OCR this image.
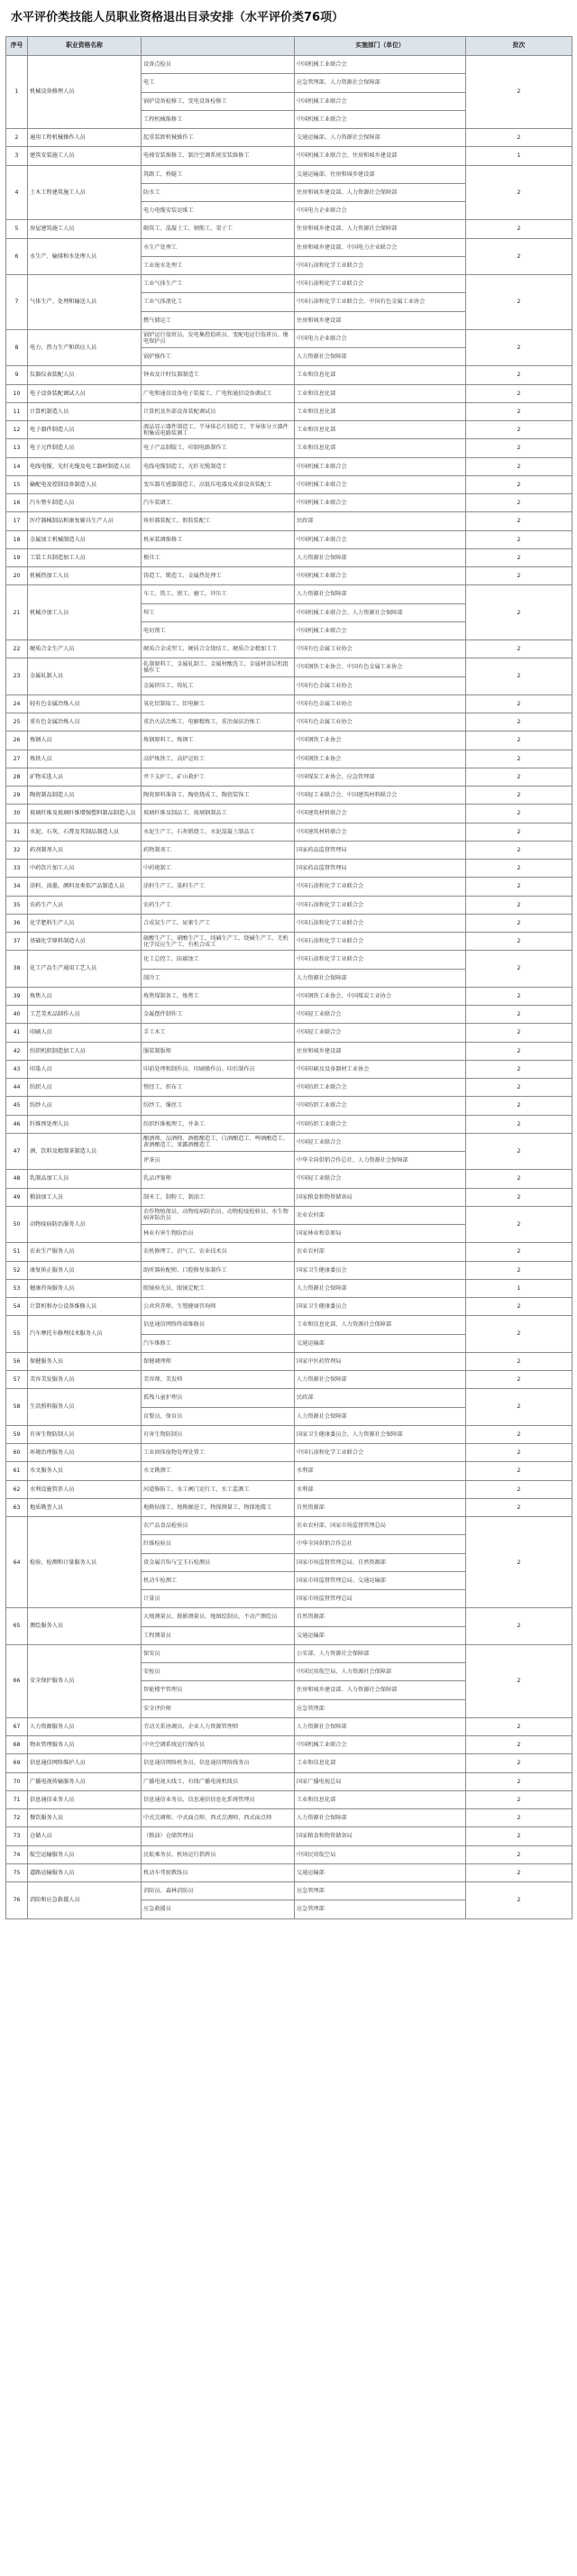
水平评价类技能人员职业资格退出目录安排（水平评价类76项）
序号	职业资格名称		实施部门（单位）	批次
1	机械设备修理人员	设备点检员	中国机械工业联合会	2
		电工	应急管理部、人力资源社会保障部	
		锅炉设备检修工、变电设备检修工	中国机械工业联合会	
		工程机械维修工	中国机械工业联合会	
2	通用工程机械操作人员	起重装卸机械操作工	交通运输部、人力资源社会保障部	2
3	建筑安装施工人员	电梯安装维修工、制冷空调系统安装维修工	中国机械工业联合会、住房和城乡建设部	1
4	土木工程建筑施工人员	筑路工、桥隧工	交通运输部、住房和城乡建设部	2
		防水工	住房和城乡建设部、人力资源社会保障部	
		电力电缆安装运维工	中国电力企业联合会	
5	房屋建筑施工人员	砌筑工、混凝土工、钢筋工、架子工	住房和城乡建设部、人力资源社会保障部	2
6	水生产、输排和水处理人员	水生产处理工	住房和城乡建设部、中国电力企业联合会	2
		工业废水处理工	中国石油和化学工业联合会	
7	气体生产、处理和输送人员	工业气体生产工	中国石油和化学工业联合会	2
		工业气体液化工	中国石油和化学工业联合会、中国有色金属工业协会	
		燃气储运工	住房和城乡建设部	
8	电力、热力生产和供应人员	锅炉运行值班员、发电集控值班员、变配电运行值班员、继电保护员	中国电力企业联合会	2
		锅炉操作工	人力资源社会保障部	
9	仪器仪表装配人员	钟表及计时仪器制造工	工业和信息化部	2
10	电子设备装配调试人员	广电和通信设备电子装接工、广电和通信设备调试工	工业和信息化部	2
11	计算机制造人员	计算机及外部设备装配调试员	工业和信息化部	2
12	电子器件制造人员	液晶显示器件制造工、半导体芯片制造工、半导体分立器件和集成电路装调工	工业和信息化部	2
13	电子元件制造人员	电子产品制版工、印制电路制作工	工业和信息化部	2
14	电线电缆、光纤光缆及电工器材制造人员	电线电缆制造工、光纤光缆制造工	中国机械工业联合会	2
15	输配电及控制设备制造人员	变压器互感器制造工、高低压电器及成套设备装配工	中国机械工业联合会	2
16	汽车整车制造人员	汽车装调工	中国机械工业联合会	2
17	医疗器械制品和康复辅具生产人员	矫形器装配工、假肢装配工	民政部	2
18	金属加工机械制造人员	机床装调维修工	中国机械工业联合会	2
19	工装工具制造加工人员	模具工	人力资源社会保障部	2
20	机械热加工人员	铸造工、锻造工、金属热处理工	中国机械工业联合会	2
21	机械冷加工人员	车工、铣工、钳工、磨工、冲压工	人力资源社会保障部	2
		焊工	中国机械工业联合会、人力资源社会保障部	
		电切削工	中国机械工业联合会	
22	硬质合金生产人员	硬质合金成型工、硬质合金烧结工、硬质合金精加工工	中国有色金属工业协会	2
23	金属轧制人员	轧制原料工、金属轧制工、金属材酸洗工、金属材涂层机组操作工	中国钢铁工业协会、中国有色金属工业协会	2
		金属挤压工、铸轧工	中国有色金属工业协会	
24	轻有色金属冶炼人员	氧化铝制取工、铝电解工	中国有色金属工业协会	2
25	重有色金属冶炼人员	重冶火法冶炼工、电解精炼工、重冶湿法冶炼工	中国有色金属工业协会	2
26	炼钢人员	炼钢原料工、炼钢工	中国钢铁工业协会	2
27	炼铁人员	高炉炼铁工、高炉运转工	中国钢铁工业协会	2
28	矿物采选人员	井下支护工、矿山救护工	中国煤炭工业协会、应急管理部	2
29	陶瓷制品制造人员	陶瓷原料准备工、陶瓷烧成工、陶瓷装饰工	中国轻工业联合会、中国建筑材料联合会	2
30	玻璃纤维及玻璃纤维增强塑料制品制造人员	玻璃纤维及制品工、玻璃钢制品工	中国建筑材料联合会	2
31	水泥、石灰、石膏及其制品制造人员	水泥生产工、石灰煅烧工、水泥混凝土制品工	中国建筑材料联合会	2
32	药剂制剂人员	药物制剂工	国家药品监督管理局	2
33	中药饮片加工人员	中药炮制工	国家药品监督管理局	2
34	涂料、油墨、颜料及类似产品制造人员	涂料生产工、染料生产工	中国石油和化学工业联合会	2
35	农药生产人员	农药生产工	中国石油和化学工业联合会	2
36	化学肥料生产人员	合成氨生产工、尿素生产工	中国石油和化学工业联合会	2
37	基础化学原料制造人员	硫酸生产工、硝酸生产工、纯碱生产工、烧碱生产工、无机化学反应生产工、有机合成工	中国石油和化学工业联合会	2
38	化工产品生产通用工艺人员	化工总控工、防腐蚀工	中国石油和化学工业联合会	2
		制冷工	人力资源社会保障部	
39	炼焦人员	炼焦煤制备工、炼焦工	中国钢铁工业协会、中国煤炭工业协会	2
40	工艺美术品制作人员	金属摆件制作工	中国轻工业联合会	2
41	印刷人员	手工木工	中国轻工业联合会	2
42	纺织机织制造加工人员	服装制版师	住房和城乡建设部	2
43	印染人员	印前处理和制作员、印刷操作员、印后制作员	中国印刷及设备器材工业协会	2
44	纺织人员	整经工、织布工	中国纺织工业联合会	2
45	纺纱人员	纺纱工、缫丝工	中国纺织工业联合会	2
46	纤维预处理人员	纺织纤维梳理工、并条工	中国纺织工业联合会	2
47	酒、饮料及精制茶制造人员	酿酒师、品酒师、酒精酿造工、白酒酿造工、啤酒酿造工、黄酒酿造工、果露酒酿造工	中国轻工业联合会	2
		评茶员	中华全国供销合作总社、人力资源社会保障部	
48	乳制品加工人员	乳品评鉴师	中国轻工业联合会	2
49	粮油加工人员	制米工、制粉工、制油工	国家粮食和物资储备局	2
50	动物疫病防治服务人员	农作物植保员、动物疫病防治员、动物检疫检验员、水生物病害防治员	农业农村部	2
		林业有害生物防治员	国家林业和草原局	
51	农业生产服务人员	农机修理工、沼气工、农业技术员	农业农村部	2
52	康复矫正服务人员	助听器验配师、口腔修复体制作工	国家卫生健康委员会	2
53	健康咨询服务人员	眼镜验光员、眼镜定配工	人力资源社会保障部	1
54	计算机和办公设备维修人员	公共营养师、生殖健康咨询师	国家卫生健康委员会	2
55	汽车摩托车修理技术服务人员	信息通信网络终端维修员	工业和信息化部、人力资源社会保障部	2
		汽车维修工	交通运输部	
56	保健服务人员	保健调理师	国家中医药管理局	2
57	美容美发服务人员	美容师、美发师	人力资源社会保障部	2
58	生活照料服务人员	孤残儿童护理员	民政部	2
		育婴员、保育员	人力资源社会保障部	
59	有害生物防制人员	有害生物防制员	国家卫生健康委员会、人力资源社会保障部	2
60	环境治理服务人员	工业固体废物处理处置工	中国石油和化学工业联合会	2
61	水文服务人员	水文勘测工	水利部	2
62	水利设施管养人员	河道修防工、水工闸门运行工、水工监测工	水利部	2
63	地质勘查人员	地勘钻探工、地勘掘进工、物探测量工、物探地震工	自然资源部	2
64	检验、检测和计量服务人员	农产品食品检验员	农业农村部、国家市场监督管理总局	2
		纤维检验员	中华全国供销合作总社	
		贵金属首饰与宝玉石检测员	国家市场监督管理总局、自然资源部	
		机动车检测工	国家市场监督管理总局、交通运输部	
		计量员	国家市场监督管理总局	
65	测绘服务人员	大地测量员、摄影测量员、地图绘制员、不动产测绘员	自然资源部	2
		工程测量员	交通运输部	
66	安全保护服务人员	保安员	公安部、人力资源社会保障部	2
		安检员	中国民用航空局、人力资源社会保障部	
		智能楼宇管理员	住房和城乡建设部、人力资源社会保障部	
		安全评价师	应急管理部	
67	人力资源服务人员	劳动关系协调员、企业人力资源管理师	人力资源社会保障部	2
68	物业管理服务人员	中央空调系统运行操作员	中国机械工业联合会	2
69	信息通信网络维护人员	信息通信网络机务员、信息通信网络线务员	工业和信息化部	2
70	广播电视传输服务人员	广播电视天线工、有线广播电视机线员	国家广播电视总局	2
71	信息通信业务人员	信息通信业务员、信息通信信息化系统管理员	工业和信息化部	2
72	餐饮服务人员	中式烹调师、中式面点师、西式烹调师、西式面点师	人力资源社会保障部	2
73	仓储人员	（粮油）仓储管理员	国家粮食和物资储备局	2
74	航空运输服务人员	民航乘务员、机场运行指挥员	中国民用航空局	2
75	道路运输服务人员	机动车驾驶教练员	交通运输部	2
76	消防和应急救援人员	消防员、森林消防员	应急管理部	2
		应急救援员	应急管理部	
